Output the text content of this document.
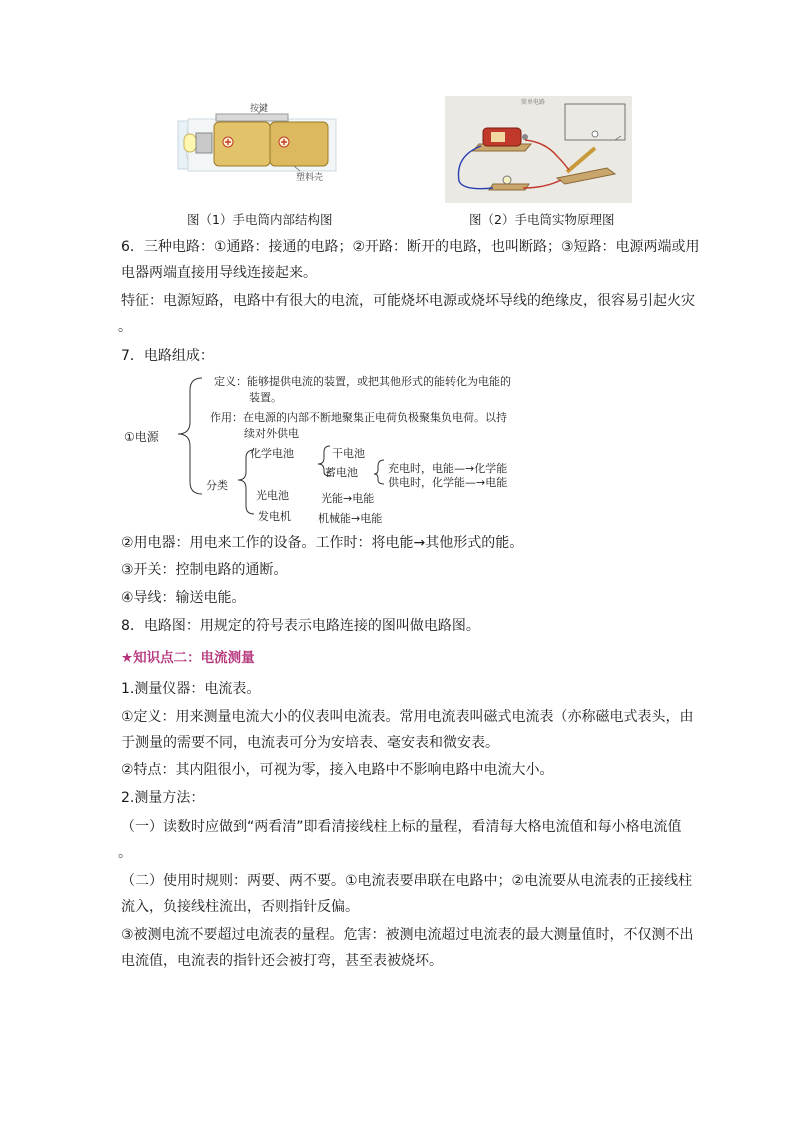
按键
塑料壳
简单电路
图（1）手电筒内部结构图	图（2）手电筒实物原理图
6．三种电路：①通路：接通的电路；②开路：断开的电路，也叫断路；③短路：电源两端或用电器两端直接用导线连接起来。
特征：电源短路，电路中有很大的电流，可能烧坏电源或烧坏导线的绝缘皮，很容易引起火灾
。
7．电路组成：
①电源
定义：能够提供电流的装置，或把其他形式的能转化为电能的
装置。
作用：在电源的内部不断地聚集正电荷负极聚集负电荷。以持
续对外供电
分类
化学电池	干电池
蓄电池	充电时，电能—→化学能
供电时，化学能—→电能
光电池	光能→电能
发电机 机械能→电能
②用电器：用电来工作的设备。工作时：将电能→其他形式的能。
③开关：控制电路的通断。
④导线：输送电能。
8．电路图：用规定的符号表示电路连接的图叫做电路图。
★知识点二：电流测量
1.测量仪器：电流表。
①定义：用来测量电流大小的仪表叫电流表。常用电流表叫磁式电流表（亦称磁电式表头，由于测量的需要不同，电流表可分为安培表、毫安表和微安表。
②特点：其内阻很小，可视为零，接入电路中不影响电路中电流大小。
2.测量方法：
（一）读数时应做到“两看清”即看清接线柱上标的量程，看清每大格电流值和每小格电流值
。
（二）使用时规则：两要、两不要。①电流表要串联在电路中；②电流要从电流表的正接线柱流入，负接线柱流出，否则指针反偏。
③被测电流不要超过电流表的量程。危害：被测电流超过电流表的最大测量值时，不仅测不出电流值，电流表的指针还会被打弯，甚至表被烧坏。
